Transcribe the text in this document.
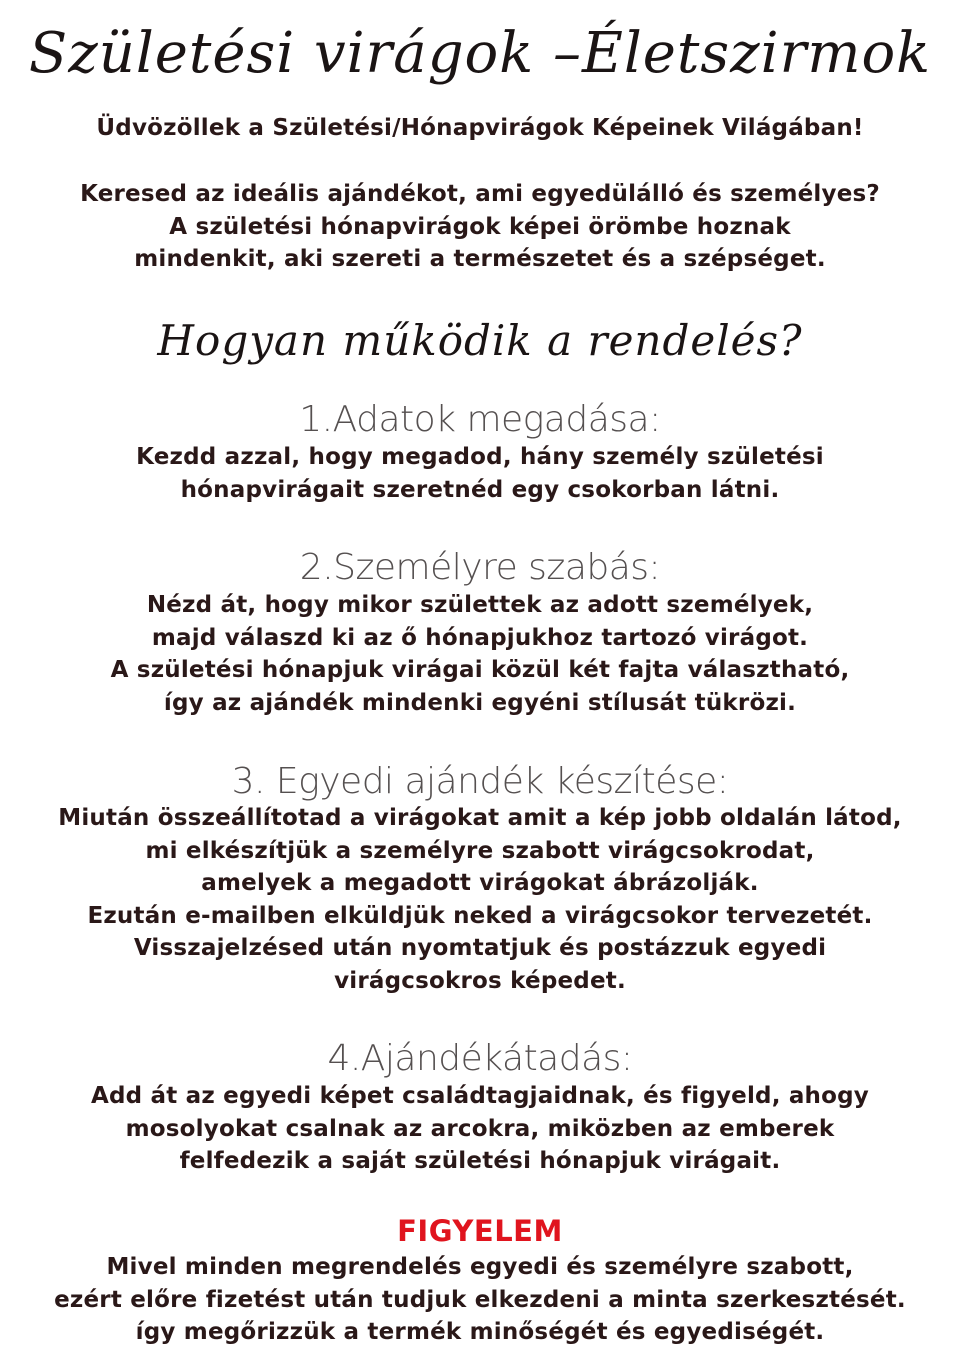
Születési virágok –Életszirmok
Üdvözöllek a Születési/Hónapvirágok Képeinek Világában!
Keresed az ideális ajándékot, ami egyedülálló és személyes?
A születési hónapvirágok képei örömbe hoznak
mindenkit, aki szereti a természetet és a szépséget.
Hogyan működik a rendelés?
1.Adatok megadása:
Kezdd azzal, hogy megadod, hány személy születési
hónapvirágait szeretnéd egy csokorban látni.
2.Személyre szabás:
Nézd át, hogy mikor születtek az adott személyek,
majd válaszd ki az ő hónapjukhoz tartozó virágot.
A születési hónapjuk virágai közül két fajta választható,
így az ajándék mindenki egyéni stílusát tükrözi.
3. Egyedi ajándék készítése:
Miután összeállítotad a virágokat amit a kép jobb oldalán látod,
mi elkészítjük a személyre szabott virágcsokrodat,
amelyek a megadott virágokat ábrázolják.
Ezután e-mailben elküldjük neked a virágcsokor tervezetét.
Visszajelzésed után nyomtatjuk és postázzuk egyedi
virágcsokros képedet.
4.Ajándékátadás:
Add át az egyedi képet családtagjaidnak, és figyeld, ahogy
mosolyokat csalnak az arcokra, miközben az emberek
felfedezik a saját születési hónapjuk virágait.
FIGYELEM
Mivel minden megrendelés egyedi és személyre szabott,
ezért előre fizetést után tudjuk elkezdeni a minta szerkesztését.
így megőrizzük a termék minőségét és egyediségét.
